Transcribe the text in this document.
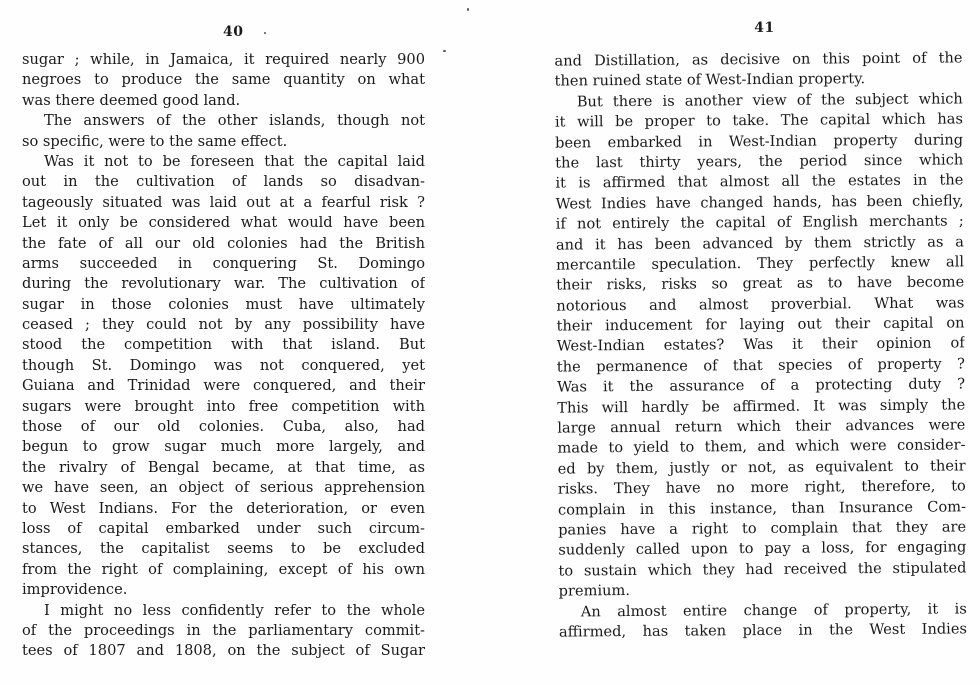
40
sugar ; while, in Jamaica, it required nearly 900
negroes to produce the same quantity on what
was there deemed good land.
The answers of the other islands, though not
so specific, were to the same effect.
Was it not to be foreseen that the capital laid
out in the cultivation of lands so disadvan-
tageously situated was laid out at a fearful risk ?
Let it only be considered what would have been
the fate of all our old colonies had the British
arms succeeded in conquering St. Domingo
during the revolutionary war. The cultivation of
sugar in those colonies must have ultimately
ceased ; they could not by any possibility have
stood the competition with that island. But
though St. Domingo was not conquered, yet
Guiana and Trinidad were conquered, and their
sugars were brought into free competition with
those of our old colonies. Cuba, also, had
begun to grow sugar much more largely, and
the rivalry of Bengal became, at that time, as
we have seen, an object of serious apprehension
to West Indians. For the deterioration, or even
loss of capital embarked under such circum-
stances, the capitalist seems to be excluded
from the right of complaining, except of his own
improvidence.
I might no less confidently refer to the whole
of the proceedings in the parliamentary commit-
tees of 1807 and 1808, on the subject of Sugar
41
and Distillation, as decisive on this point of the
then ruined state of West-Indian property.
But there is another view of the subject which
it will be proper to take. The capital which has
been embarked in West-Indian property during
the last thirty years, the period since which
it is affirmed that almost all the estates in the
West Indies have changed hands, has been chiefly,
if not entirely the capital of English merchants ;
and it has been advanced by them strictly as a
mercantile speculation. They perfectly knew all
their risks, risks so great as to have become
notorious and almost proverbial. What was
their inducement for laying out their capital on
West-Indian estates? Was it their opinion of
the permanence of that species of property ?
Was it the assurance of a protecting duty ?
This will hardly be affirmed. It was simply the
large annual return which their advances were
made to yield to them, and which were consider-
ed by them, justly or not, as equivalent to their
risks. They have no more right, therefore, to
complain in this instance, than Insurance Com-
panies have a right to complain that they are
suddenly called upon to pay a loss, for engaging
to sustain which they had received the stipulated
premium.
An almost entire change of property, it is
affirmed, has taken place in the West Indies
